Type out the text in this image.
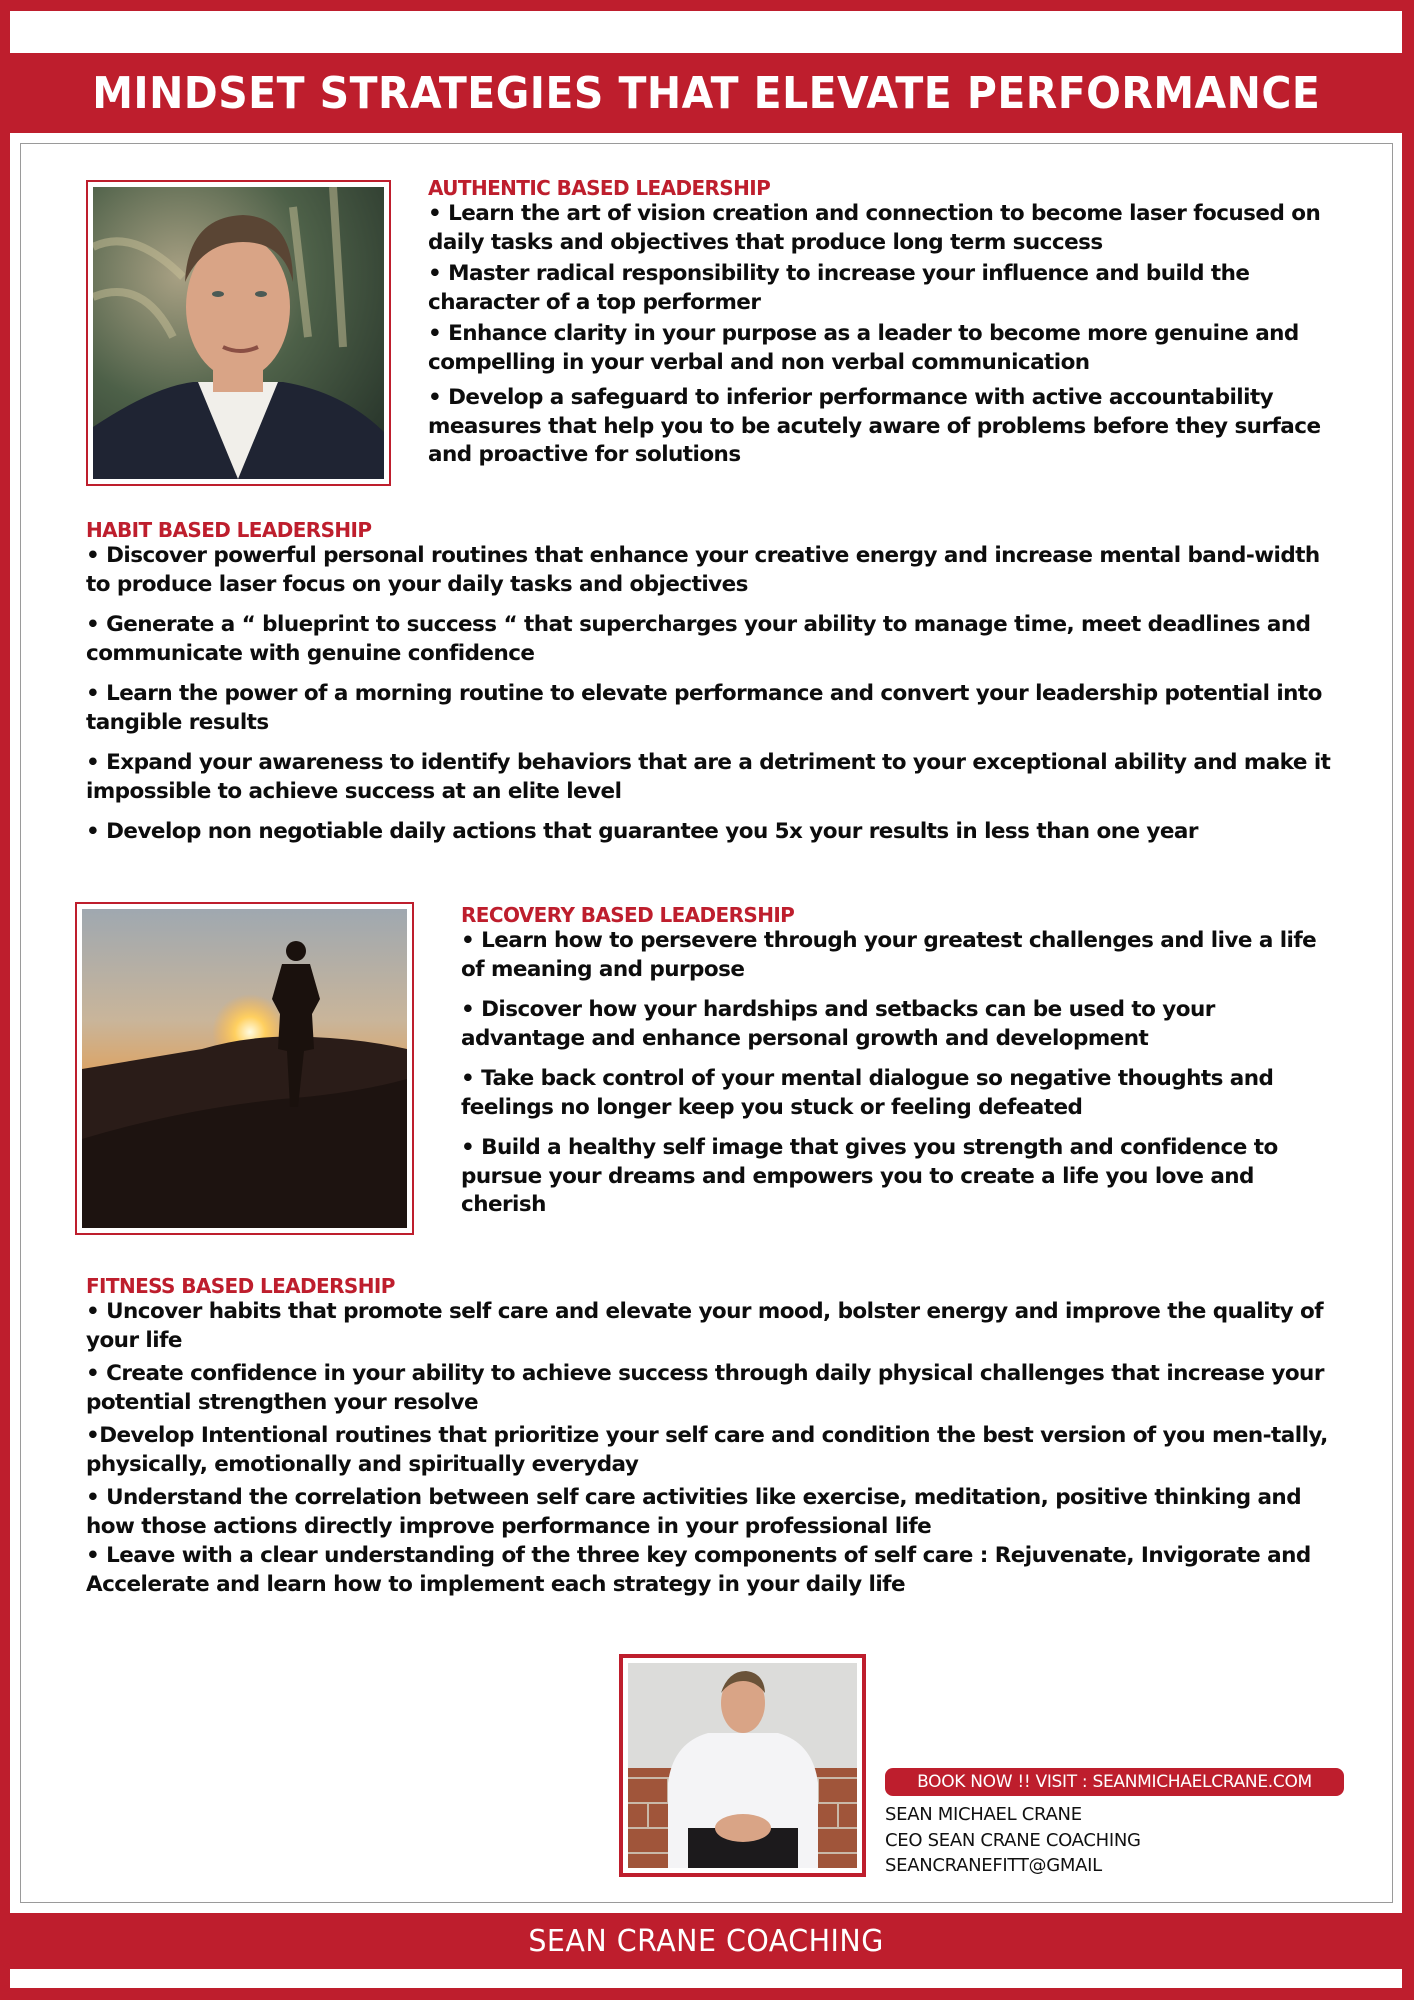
MINDSET STRATEGIES THAT ELEVATE PERFORMANCE
AUTHENTIC BASED LEADERSHIP
• Learn the art of vision creation and connection to become laser focused on daily tasks and objectives that produce long term success
• Master radical responsibility to increase your influence and build the character of a top performer
• Enhance clarity in your purpose as a leader to become more genuine and compelling in your verbal and non verbal communication
• Develop a safeguard to inferior performance with active accountability measures that help you to be acutely aware of problems before they surface and proactive for solutions
HABIT BASED LEADERSHIP
• Discover powerful personal routines that enhance your creative energy and increase mental band-width to produce laser focus on your daily tasks and objectives
• Generate a “ blueprint to success “ that supercharges your ability to manage time, meet deadlines and communicate with genuine confidence
• Learn the power of a morning routine to elevate performance and convert your leadership potential into tangible results
• Expand your awareness to identify behaviors that are a detriment to your exceptional ability and make it impossible to achieve success at an elite level
• Develop non negotiable daily actions that guarantee you 5x your results in less than one year
RECOVERY BASED LEADERSHIP
• Learn how to persevere through your greatest challenges and live a life of meaning and purpose
• Discover how your hardships and setbacks can be used to your advantage and enhance personal growth and development
• Take back control of your mental dialogue so negative thoughts and feelings no longer keep you stuck or feeling defeated
• Build a healthy self image that gives you strength and confidence to pursue your dreams and empowers you to create a life you love and cherish
FITNESS BASED LEADERSHIP
• Uncover habits that promote self care and elevate your mood, bolster energy and improve the quality of your life
• Create confidence in your ability to achieve success through daily physical challenges that increase your potential strengthen your resolve
•Develop Intentional routines that prioritize your self care and condition the best version of you men-tally, physically, emotionally and spiritually everyday
• Understand the correlation between self care activities like exercise, meditation, positive thinking and how those actions directly improve performance in your professional life
• Leave with a clear understanding of the three key components of self care : Rejuvenate, Invigorate and Accelerate and learn how to implement each strategy in your daily life
BOOK NOW !! VISIT : SEANMICHAELCRANE.COM
SEAN MICHAEL CRANE
CEO SEAN CRANE COACHING
SEANCRANEFITT@GMAIL
SEAN CRANE COACHING
